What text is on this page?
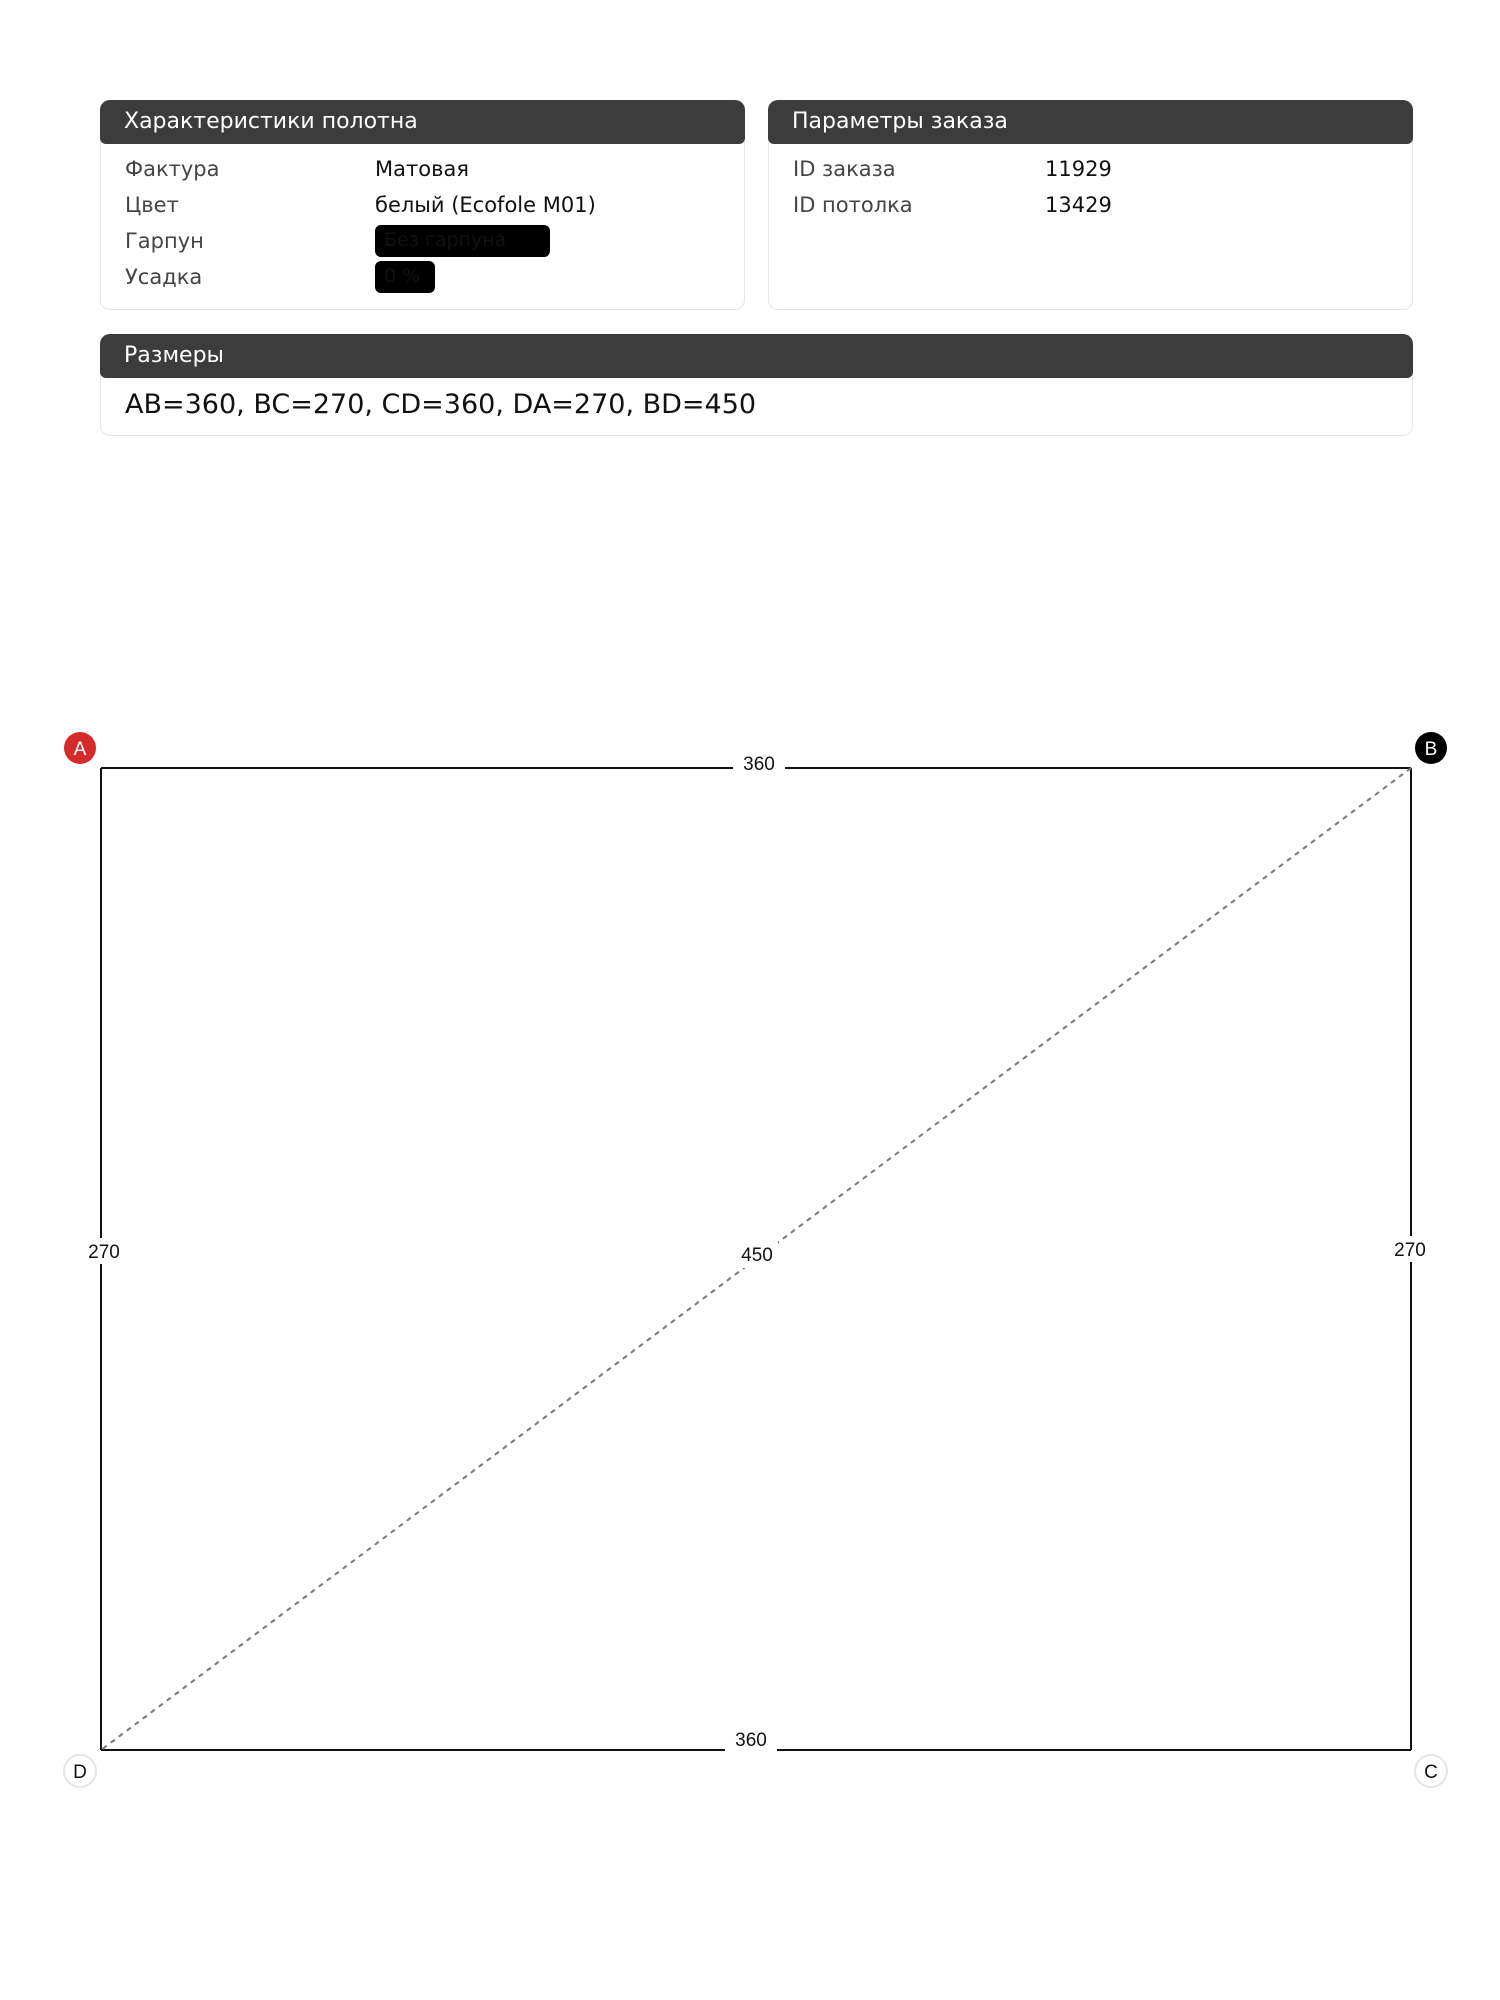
Характеристики полотна
Фактура	Матовая
Цвет	белый (Ecofole M01)
Гарпун	Без гарпуна
Усадка	0 %
Параметры заказа
ID заказа	11929
ID потолка	13429
Размеры
AB=360, BC=270, CD=360, DA=270, BD=450
360
360
270	270
450
A	B
C
D
